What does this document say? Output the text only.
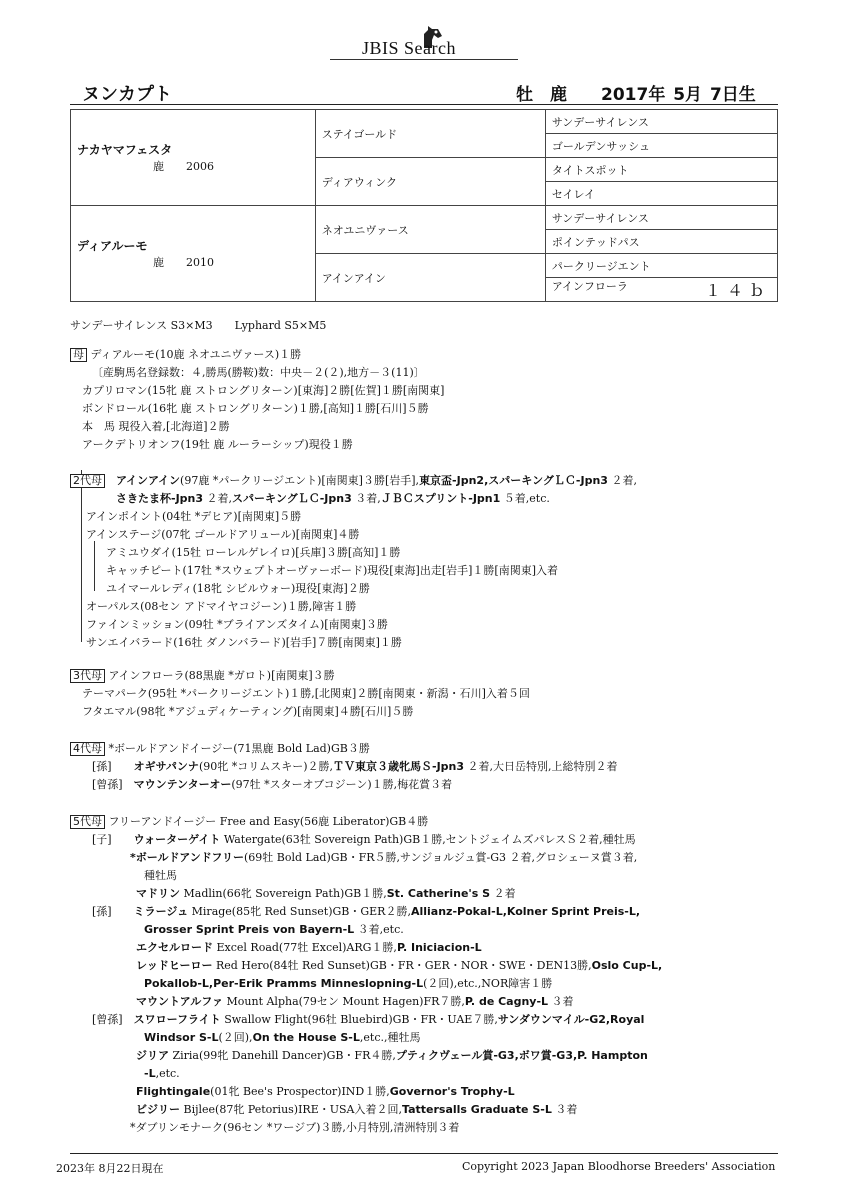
JBIS Search
ヌンカプト	牡　鹿　　2017年 5月 7日生
ナカヤマフェスタ
鹿　　2006	ステイゴールド	サンデーサイレンス
		ゴールデンサッシュ
	ディアウィンク	タイトスポット
		セイレイ

ディアルーモ
鹿　　2010	ネオユニヴァース	サンデーサイレンス
		ポインテッドパス
	アインアイン	パークリージエント
		アインフローラ １４ｂ
サンデーサイレンス S3×M3　　Lyphard S5×M5
母 ディアルーモ(10鹿 ネオユニヴァース)１勝
〔産駒馬名登録数：４,勝馬(勝鞍)数：中央－２(２),地方－３(11)〕
カプリロマン(15牝 鹿 ストロングリターン)[東海]２勝[佐賀]１勝[南関東]
ボンドロール(16牝 鹿 ストロングリターン)１勝,[高知]１勝[石川]５勝
本　馬 現役入着,[北海道]２勝
アークデトリオンフ(19牡 鹿 ルーラーシップ)現役１勝
2代母　 アインアイン(97鹿 *パークリージエント)[南関東]３勝[岩手],東京盃-Jpn2,スパーキングＬＣ-Jpn3 ２着,
さきたま杯-Jpn3 ２着,スパーキングＬＣ-Jpn3 ３着,ＪＢＣスプリント-Jpn1 ５着,etc.
アインポイント(04牡 *デヒア)[南関東]５勝
アインステージ(07牝 ゴールドアリュール)[南関東]４勝
アミユウダイ(15牡 ローレルゲレイロ)[兵庫]３勝[高知]１勝
キャッチピート(17牡 *スウェプトオーヴァーボード)現役[東海]出走[岩手]１勝[南関東]入着
ユイマールレディ(18牝 シビルウォー)現役[東海]２勝
オーパルス(08セン アドマイヤコジーン)１勝,障害１勝
ファインミッション(09牡 *ブライアンズタイム)[南関東]３勝
サンエイバラード(16牡 ダノンバラード)[岩手]７勝[南関東]１勝
3代母 アインフローラ(88黒鹿 *ガロト)[南関東]３勝
テーマパーク(95牡 *パークリージエント)１勝,[北関東]２勝[南関東・新潟・石川]入着５回
フタエマル(98牝 *アジュディケーティング)[南関東]４勝[石川]５勝
4代母 *ボールドアンドイージー(71黒鹿 Bold Lad)GB３勝
[孫]　　 オギサパンナ(90牝 *コリムスキー)２勝,ＴＶ東京３歳牝馬Ｓ-Jpn3 ２着,大日岳特別,上総特別２着
[曾孫]　 マウンテンターオー(97牡 *スターオブコジーン)１勝,梅花賞３着
5代母 フリーアンドイージー Free and Easy(56鹿 Liberator)GB４勝
[子]　　 ウォーターゲイト Watergate(63牡 Sovereign Path)GB１勝,セントジェイムズパレスＳ２着,種牡馬
*ボールドアンドフリー(69牡 Bold Lad)GB・FR５勝,サンジョルジュ賞-G3 ２着,グロシェーヌ賞３着,
種牡馬
マドリン Madlin(66牝 Sovereign Path)GB１勝,St. Catherine's S ２着
[孫]　　 ミラージュ Mirage(85牝 Red Sunset)GB・GER２勝,Allianz-Pokal-L,Kolner Sprint Preis-L,
Grosser Sprint Preis von Bayern-L ３着,etc.
エクセルロード Excel Road(77牡 Excel)ARG１勝,P. Iniciacion-L
レッドヒーロー Red Hero(84牡 Red Sunset)GB・FR・GER・NOR・SWE・DEN13勝,Oslo Cup-L,
Pokallob-L,Per-Erik Pramms Minneslopning-L(２回),etc.,NOR障害１勝
マウントアルファ Mount Alpha(79セン Mount Hagen)FR７勝,P. de Cagny-L ３着
[曾孫]　 スワローフライト Swallow Flight(96牡 Bluebird)GB・FR・UAE７勝,サンダウンマイル-G2,Royal
Windsor S-L(２回),On the House S-L,etc.,種牡馬
ジリア Ziria(99牝 Danehill Dancer)GB・FR４勝,プティクヴェール賞-G3,ボワ賞-G3,P. Hampton
-L,etc.
Flightingale(01牝 Bee's Prospector)IND１勝,Governor's Trophy-L
ビジリー Bijlee(87牝 Petorius)IRE・USA入着２回,Tattersalls Graduate S-L ３着
*ダブリンモナーク(96セン *ワージブ)３勝,小月特別,清洲特別３着
2023年 8月22日現在	Copyright 2023 Japan Bloodhorse Breeders' Association
